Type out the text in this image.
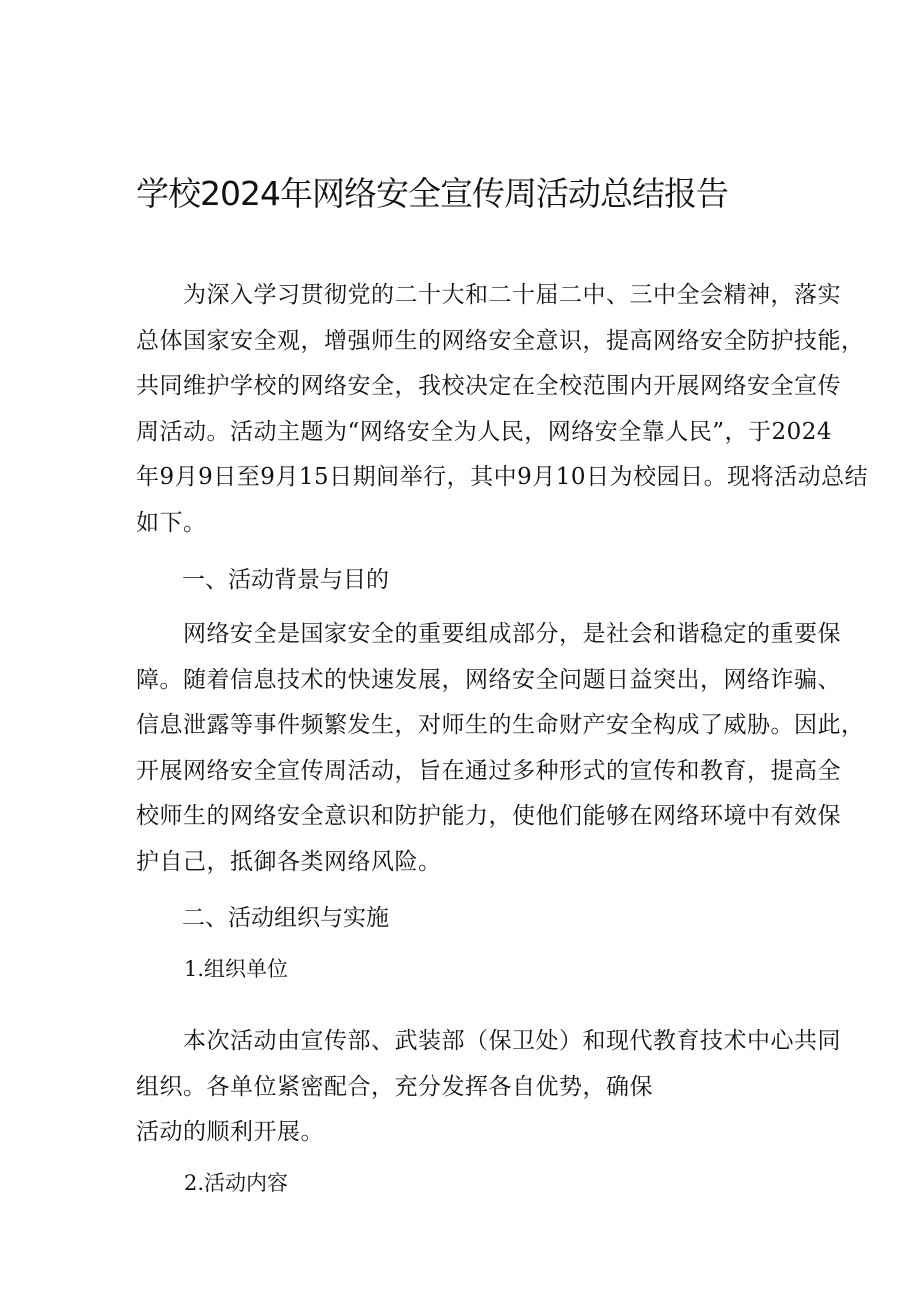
学校2024年网络安全宣传周活动总结报告
　　为深入学习贯彻党的二十大和二十届二中、三中全会精神，落实
总体国家安全观，增强师生的网络安全意识，提高网络安全防护技能，
共同维护学校的网络安全，我校决定在全校范围内开展网络安全宣传
周活动。活动主题为“网络安全为人民，网络安全靠人民”，于2024
年9月9日至9月15日期间举行，其中9月10日为校园日。现将活动总结
如下。
一、活动背景与目的
　　网络安全是国家安全的重要组成部分，是社会和谐稳定的重要保
障。随着信息技术的快速发展，网络安全问题日益突出，网络诈骗、
信息泄露等事件频繁发生，对师生的生命财产安全构成了威胁。因此，
开展网络安全宣传周活动，旨在通过多种形式的宣传和教育，提高全
校师生的网络安全意识和防护能力，使他们能够在网络环境中有效保
护自己，抵御各类网络风险。
二、活动组织与实施

1.组织单位

　　本次活动由宣传部、武装部（保卫处）和现代教育技术中心共同
组织。各单位紧密配合，充分发挥各自优势，确保
活动的顺利开展。

2.活动内容
